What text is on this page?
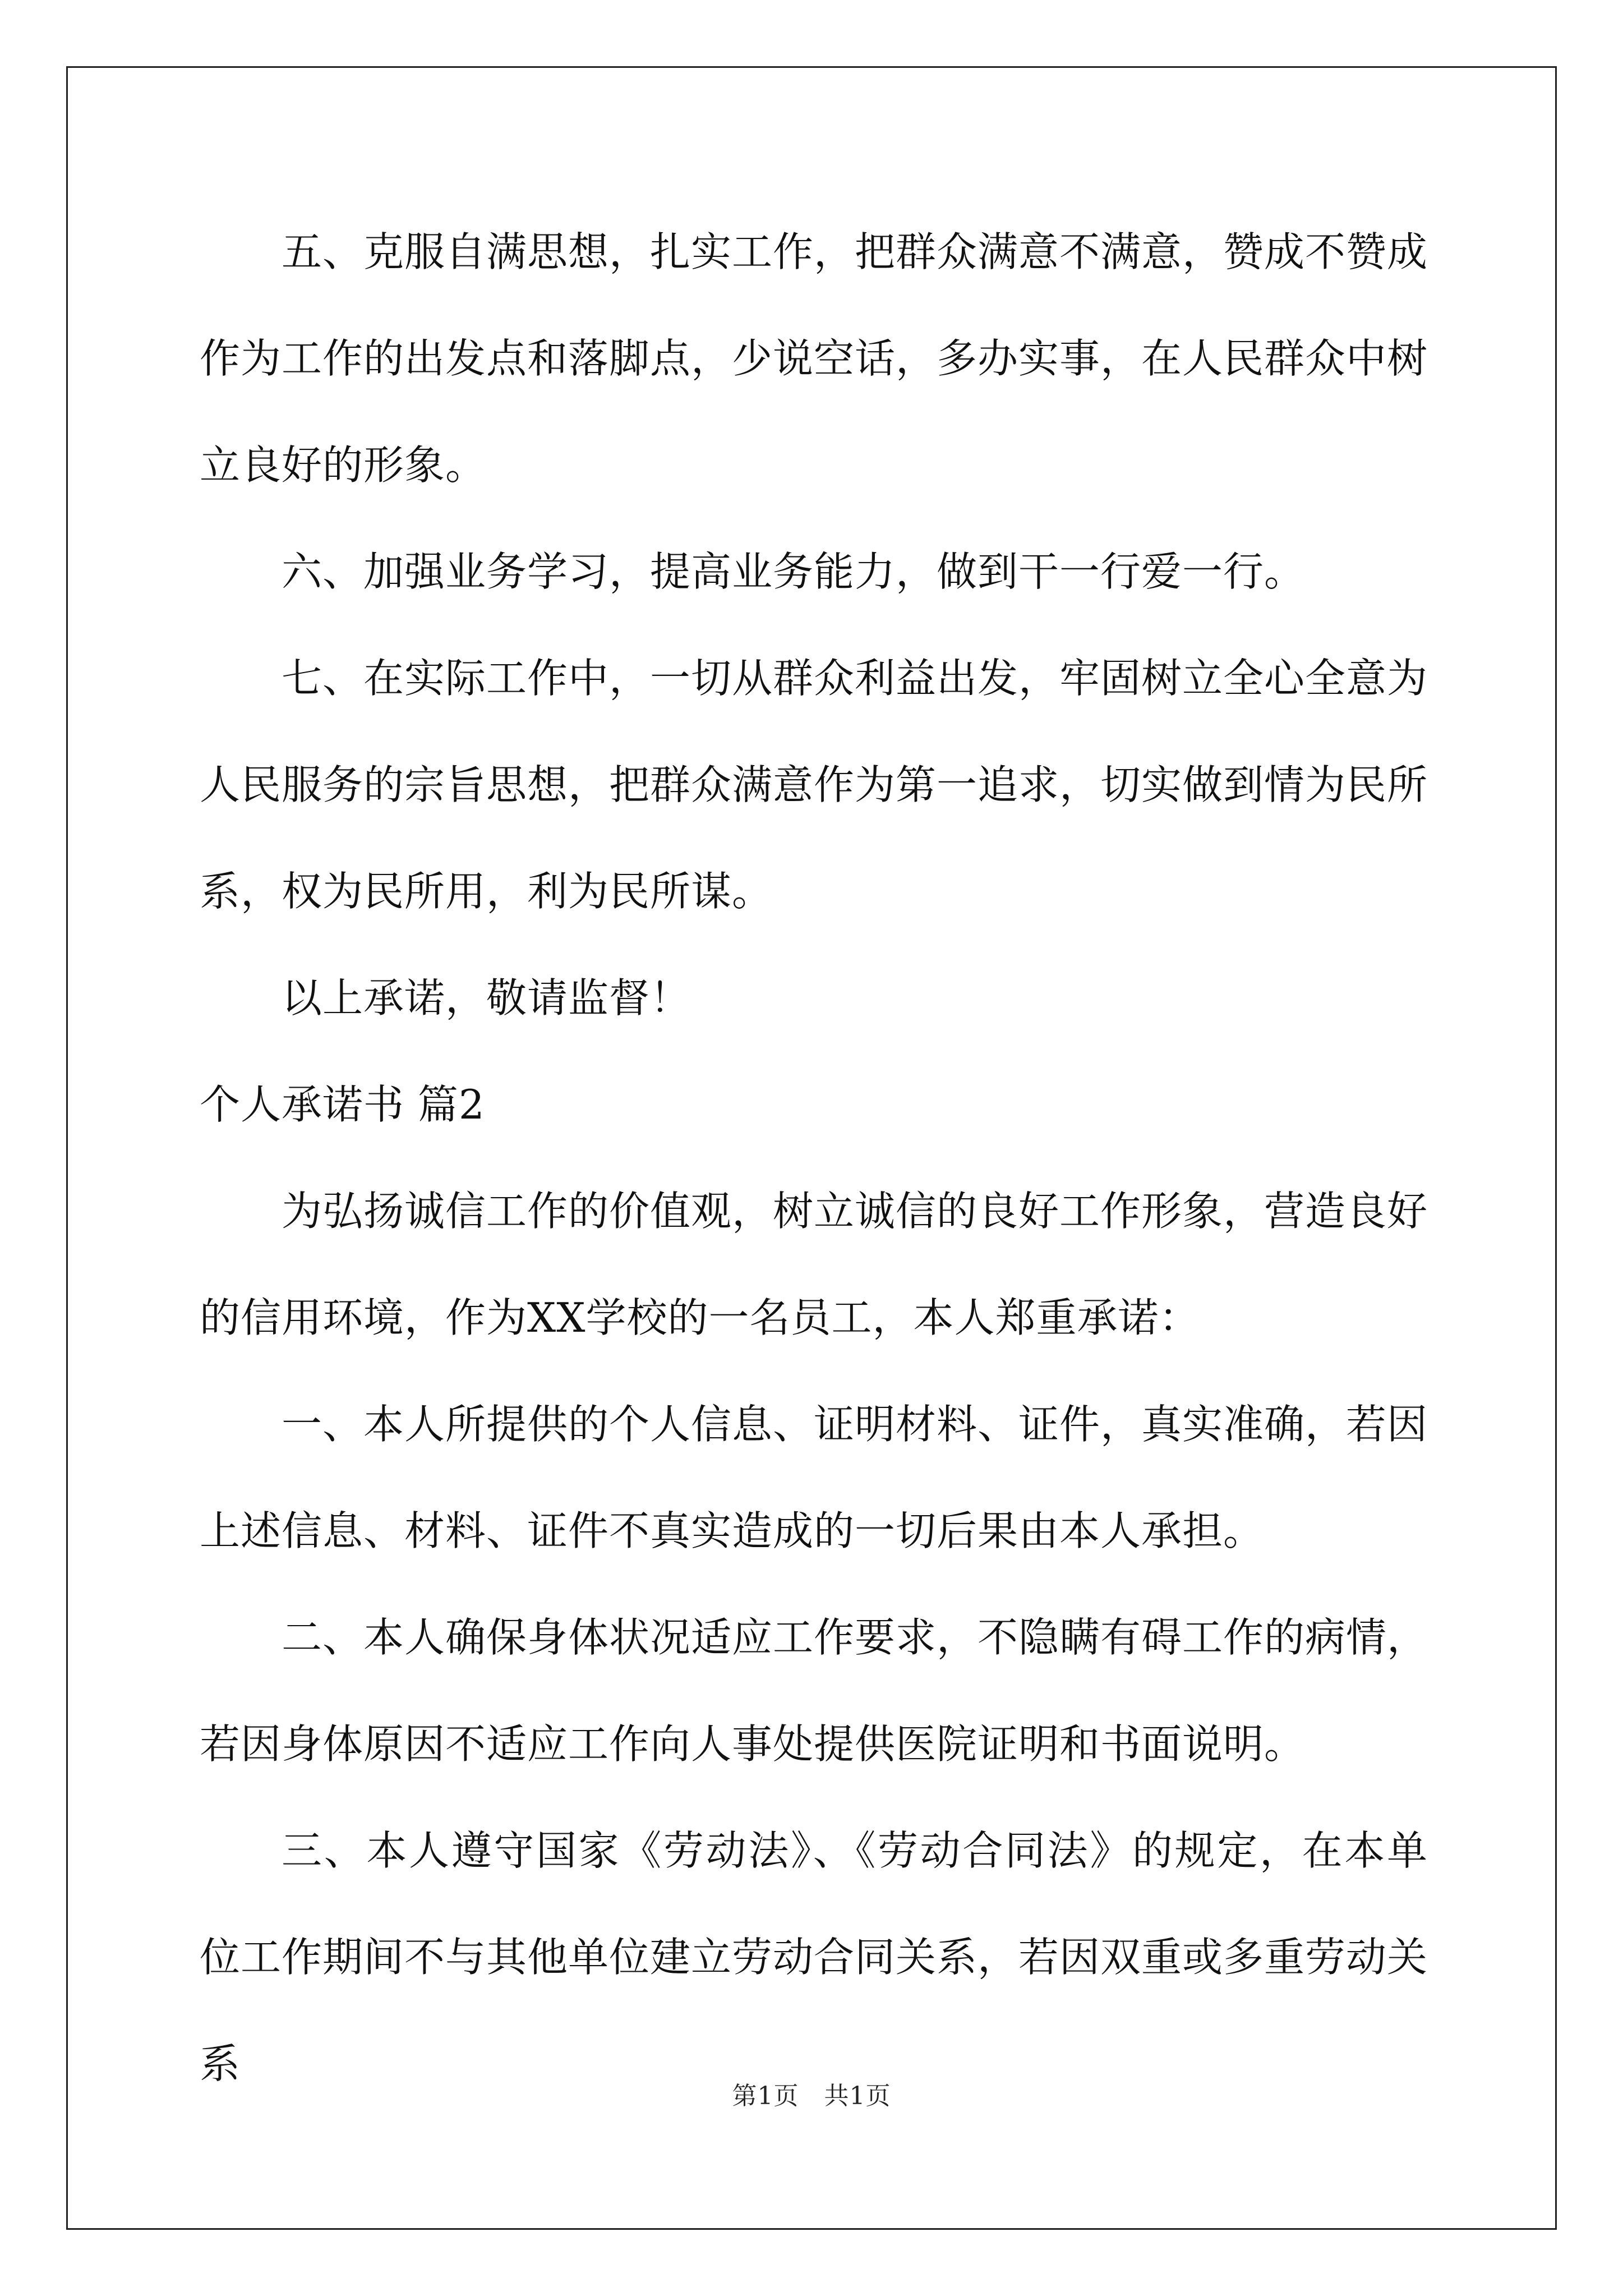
五、克服自满思想，扎实工作，把群众满意不满意，赞成不赞成作为工作的出发点和落脚点，少说空话，多办实事，在人民群众中树立良好的形象。

六、加强业务学习，提高业务能力，做到干一行爱一行。

七、在实际工作中，一切从群众利益出发，牢固树立全心全意为人民服务的宗旨思想，把群众满意作为第一追求，切实做到情为民所系，权为民所用，利为民所谋。

以上承诺，敬请监督！

个人承诺书 篇2

为弘扬诚信工作的价值观，树立诚信的良好工作形象，营造良好的信用环境，作为XX学校的一名员工，本人郑重承诺：

一、本人所提供的个人信息、证明材料、证件，真实准确，若因上述信息、材料、证件不真实造成的一切后果由本人承担。

二、本人确保身体状况适应工作要求，不隐瞒有碍工作的病情，若因身体原因不适应工作向人事处提供医院证明和书面说明。

三、本人遵守国家《劳动法》、《劳动合同法》的规定，在本单位工作期间不与其他单位建立劳动合同关系，若因双重或多重劳动关系

第1页　共1页
